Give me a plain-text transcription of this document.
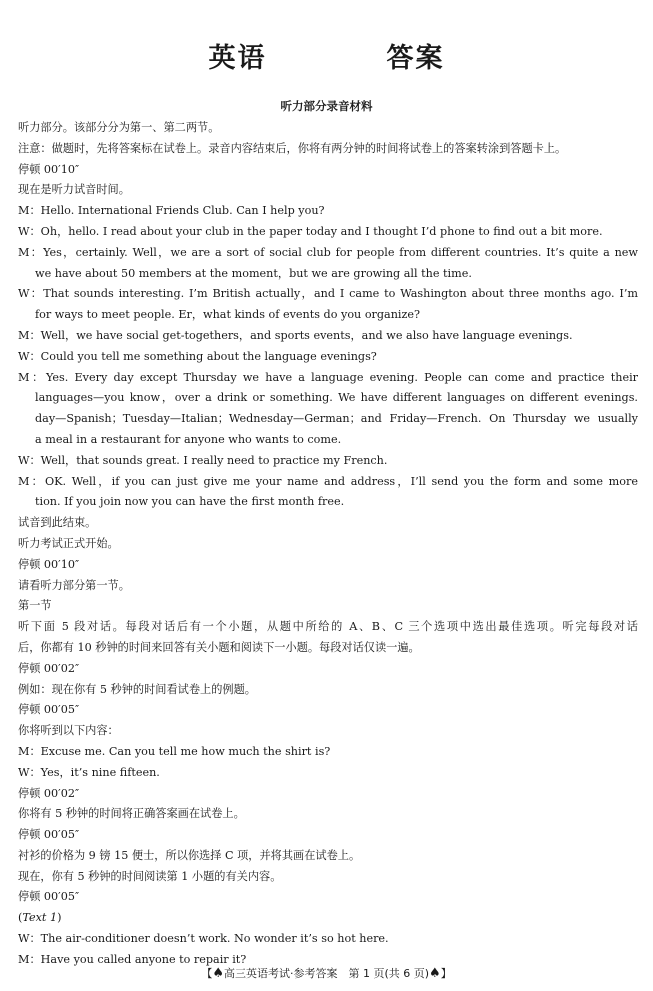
英语	答案
听力部分录音材料
听力部分。该部分分为第一、第二两节。
注意：做题时，先将答案标在试卷上。录音内容结束后，你将有两分钟的时间将试卷上的答案转涂到答题卡上。
停顿 00′10″
现在是听力试音时间。
M：Hello. International Friends Club. Can I help you?
W：Oh，hello. I read about your club in the paper today and I thought I’d phone to find out a bit more.
M：Yes，certainly. Well，we are a sort of social club for people from different countries. It’s quite a new
we have about 50 members at the moment，but we are growing all the time.
W：That sounds interesting. I’m British actually，and I came to Washington about three months ago. I’m
for ways to meet people. Er，what kinds of events do you organize?
M：Well，we have social get-togethers，and sports events，and we also have language evenings.
W：Could you tell me something about the language evenings?
M：Yes. Every day except Thursday we have a language evening. People can come and practice their
languages—you know，over a drink or something. We have different languages on different evenings.
day—Spanish；Tuesday—Italian；Wednesday—German；and Friday—French. On Thursday we usually
a meal in a restaurant for anyone who wants to come.
W：Well，that sounds great. I really need to practice my French.
M：OK. Well，if you can just give me your name and address，I’ll send you the form and some more
tion. If you join now you can have the first month free.
试音到此结束。
听力考试正式开始。
停顿 00′10″
请看听力部分第一节。
第一节
听下面 5 段对话。每段对话后有一个小题，从题中所给的 A、B、C 三个选项中选出最佳选项。听完每段对话
后，你都有 10 秒钟的时间来回答有关小题和阅读下一小题。每段对话仅读一遍。
停顿 00′02″
例如：现在你有 5 秒钟的时间看试卷上的例题。
停顿 00′05″
你将听到以下内容：
M：Excuse me. Can you tell me how much the shirt is?
W：Yes，it’s nine fifteen.
停顿 00′02″
你将有 5 秒钟的时间将正确答案画在试卷上。
停顿 00′05″
衬衫的价格为 9 镑 15 便士，所以你选择 C 项，并将其画在试卷上。
现在，你有 5 秒钟的时间阅读第 1 小题的有关内容。
停顿 00′05″
(Text 1)
W：The air-conditioner doesn’t work. No wonder it’s so hot here.
M：Have you called anyone to repair it?
【♠高三英语考试·参考答案　第 1 页(共 6 页)♠】
